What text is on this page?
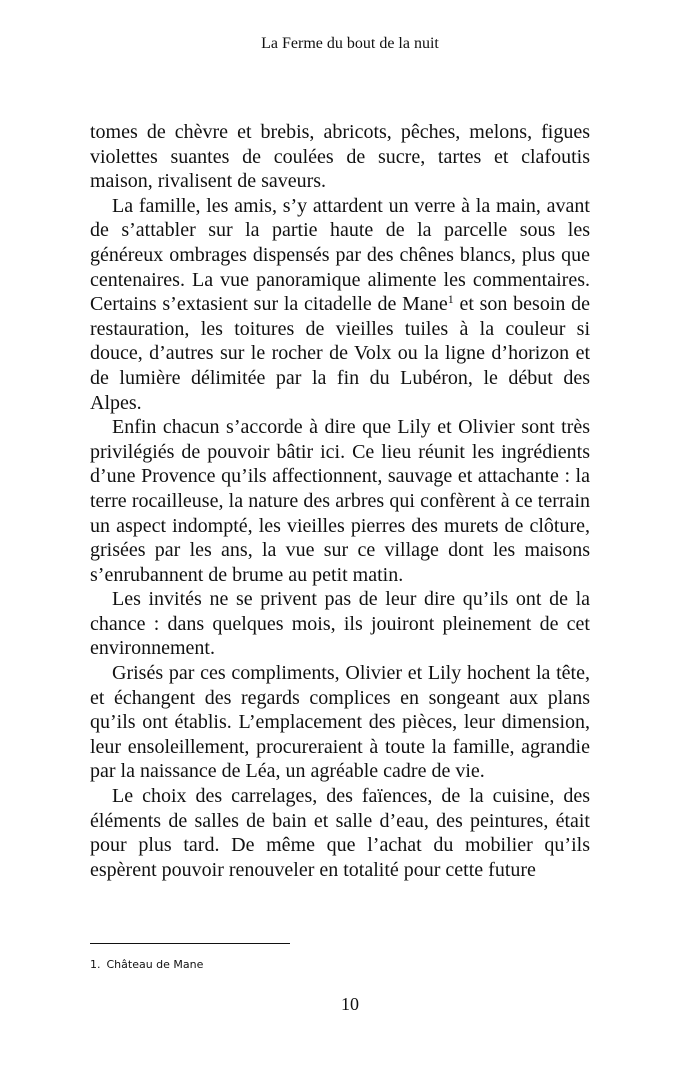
La Ferme du bout de la nuit

tomes de chèvre et brebis, abricots, pêches, melons, figues violettes suantes de coulées de sucre, tartes et clafoutis maison, rivalisent de saveurs.

La famille, les amis, s’y attardent un verre à la main, avant de s’attabler sur la partie haute de la parcelle sous les généreux ombrages dispensés par des chênes blancs, plus que centenaires. La vue panoramique alimente les commentaires. Certains s’extasient sur la citadelle de Mane$^1$ et son besoin de restauration, les toitures de vieilles tuiles à la couleur si douce, d’autres sur le rocher de Volx ou la ligne d’horizon et de lumière délimitée par la fin du Lubéron, le début des Alpes.

Enfin chacun s’accorde à dire que Lily et Olivier sont très privilégiés de pouvoir bâtir ici. Ce lieu réunit les ingrédients d’une Provence qu’ils affectionnent, sauvage et attachante : la terre rocailleuse, la nature des arbres qui confèrent à ce terrain un aspect indompté, les vieilles pierres des murets de clôture, grisées par les ans, la vue sur ce village dont les maisons s’enrubannent de brume au petit matin.

Les invités ne se privent pas de leur dire qu’ils ont de la chance : dans quelques mois, ils jouiront pleinement de cet environnement.

Grisés par ces compliments, Olivier et Lily hochent la tête, et échangent des regards complices en songeant aux plans qu’ils ont établis. L’emplacement des pièces, leur dimension, leur ensoleillement, procureraient à toute la famille, agrandie par la naissance de Léa, un agréable cadre de vie.

Le choix des carrelages, des faïences, de la cuisine, des éléments de salles de bain et salle d’eau, des peintures, était pour plus tard. De même que l’achat du mobilier qu’ils espèrent pouvoir renouveler en totalité pour cette future

1. Château de Mane
10
